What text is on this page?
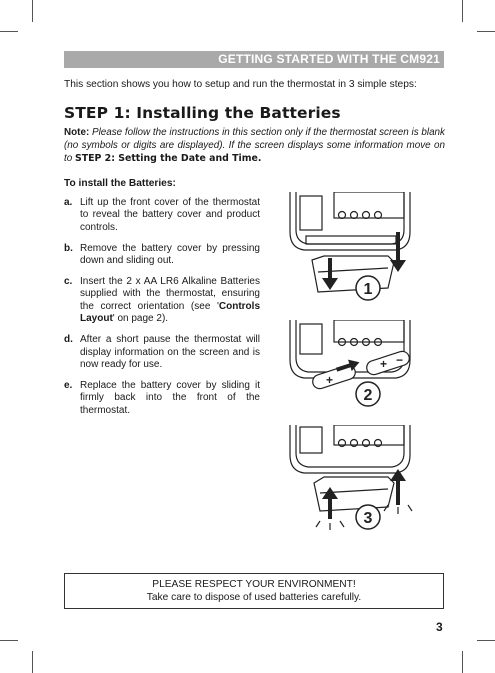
GETTING STARTED WITH THE CM921
This section shows you how to setup and run the thermostat in 3 simple steps:
STEP 1: Installing the Batteries
Note: Please follow the instructions in this section only if the thermostat screen is blank (no symbols or digits are displayed). If the screen displays some information move on to STEP 2: Setting the Date and Time.
To install the Batteries:
a. Lift up the front cover of the thermostat to reveal the battery cover and product controls.
b. Remove the battery cover by pressing down and sliding out.
c. Insert the 2 x AA LR6 Alkaline Batteries supplied with the thermostat, ensuring the correct orientation (see 'Controls Layout' on page 2).
d. After a short pause the thermostat will display information on the screen and is now ready for use.
e. Replace the battery cover by sliding it firmly back into the front of the thermostat.
1
+
+ −
2
3
PLEASE RESPECT YOUR ENVIRONMENT!
Take care to dispose of used batteries carefully.
3
